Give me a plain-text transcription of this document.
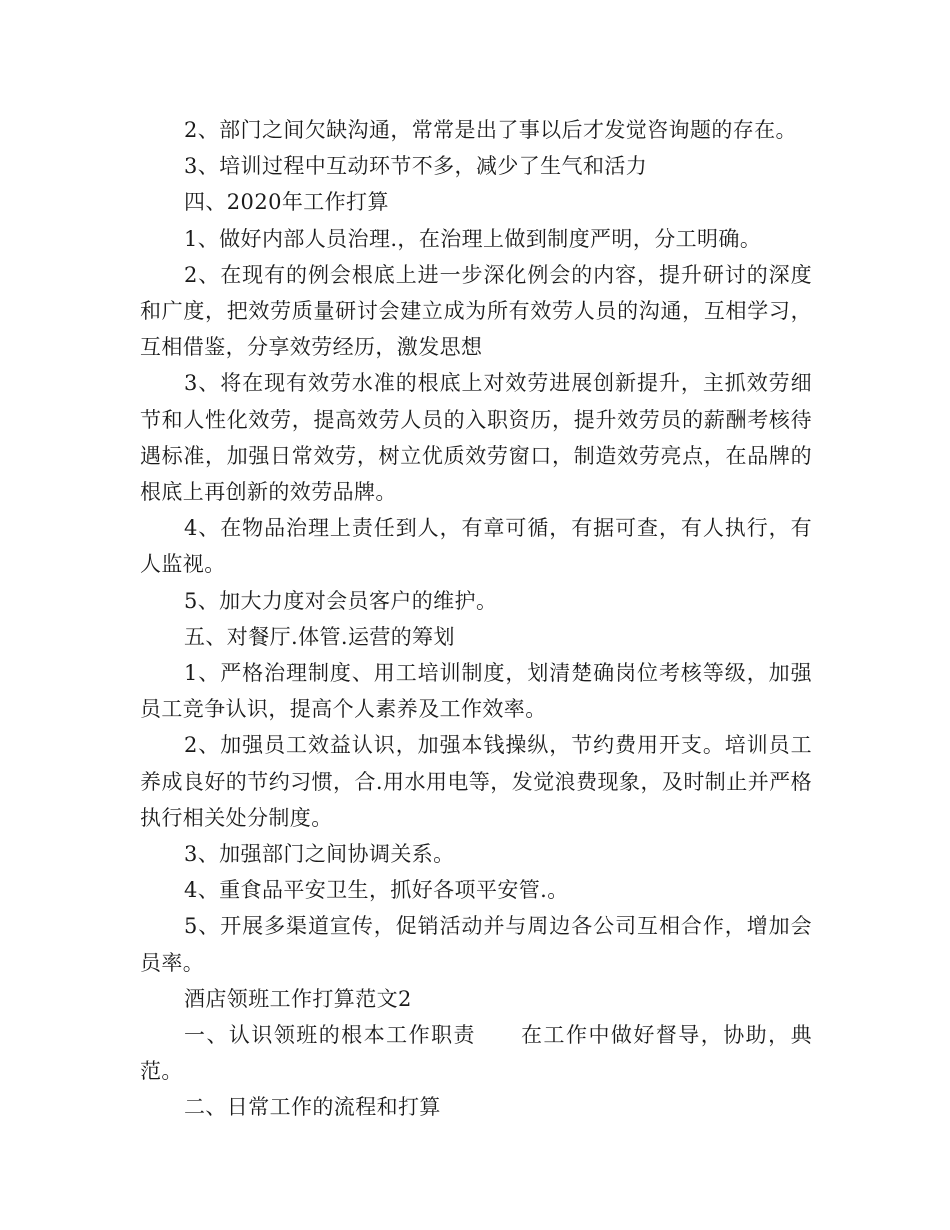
2、部门之间欠缺沟通，常常是出了事以后才发觉咨询题的存在。

3、培训过程中互动环节不多，减少了生气和活力

四、2020年工作打算

1、做好内部人员治理.，在治理上做到制度严明，分工明确。

2、在现有的例会根底上进一步深化例会的内容，提升研讨的深度和广度，把效劳质量研讨会建立成为所有效劳人员的沟通，互相学习，互相借鉴，分享效劳经历，激发思想

3、将在现有效劳水准的根底上对效劳进展创新提升，主抓效劳细节和人性化效劳，提高效劳人员的入职资历，提升效劳员的薪酬考核待遇标准，加强日常效劳，树立优质效劳窗口，制造效劳亮点，在品牌的根底上再创新的效劳品牌。

4、在物品治理上责任到人，有章可循，有据可查，有人执行，有人监视。

5、加大力度对会员客户的维护。

五、对餐厅.体管.运营的筹划

1、严格治理制度、用工培训制度，划清楚确岗位考核等级，加强员工竞争认识，提高个人素养及工作效率。

2、加强员工效益认识，加强本钱操纵，节约费用开支。培训员工养成良好的节约习惯，合.用水用电等，发觉浪费现象，及时制止并严格执行相关处分制度。

3、加强部门之间协调关系。

4、重食品平安卫生，抓好各项平安管.。

5、开展多渠道宣传，促销活动并与周边各公司互相合作，增加会员率。

酒店领班工作打算范文2

一、认识领班的根本工作职责 在工作中做好督导，协助，典范。

二、日常工作的流程和打算
